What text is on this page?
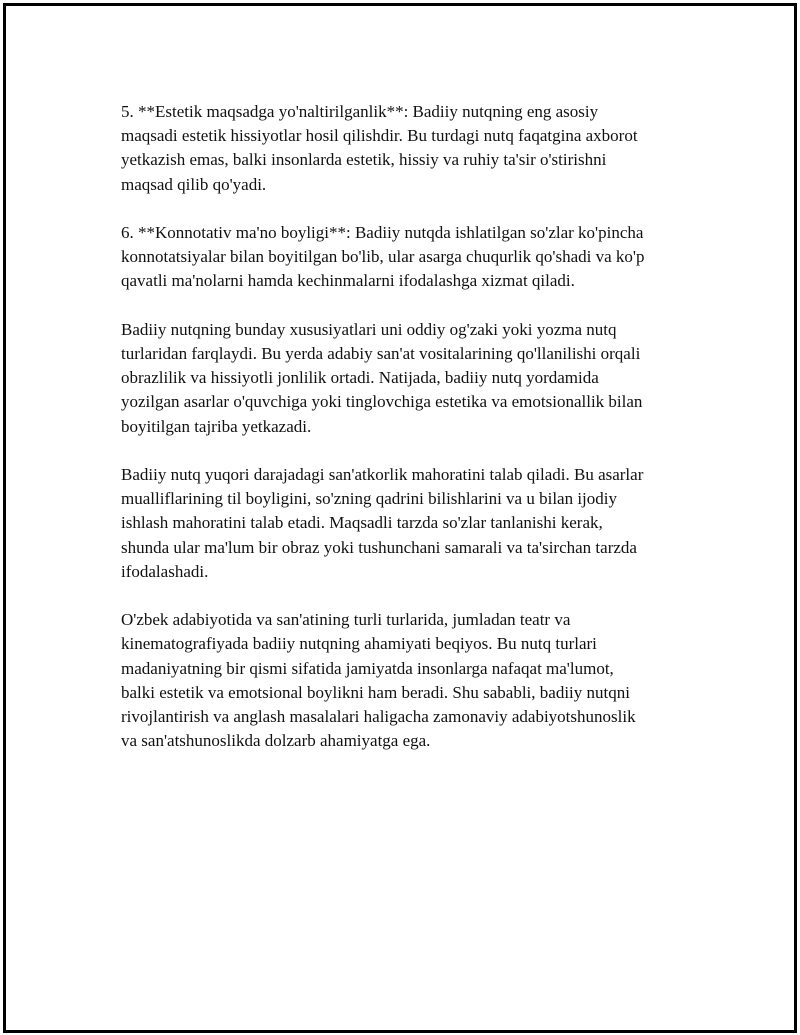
5. **Estetik maqsadga yo'naltirilganlik**: Badiiy nutqning eng asosiy
maqsadi estetik hissiyotlar hosil qilishdir. Bu turdagi nutq faqatgina axborot
yetkazish emas, balki insonlarda estetik, hissiy va ruhiy ta'sir o'stirishni
maqsad qilib qo'yadi.

6. **Konnotativ ma'no boyligi**: Badiiy nutqda ishlatilgan so'zlar ko'pincha
konnotatsiyalar bilan boyitilgan bo'lib, ular asarga chuqurlik qo'shadi va ko'p
qavatli ma'nolarni hamda kechinmalarni ifodalashga xizmat qiladi.

Badiiy nutqning bunday xususiyatlari uni oddiy og'zaki yoki yozma nutq
turlaridan farqlaydi. Bu yerda adabiy san'at vositalarining qo'llanilishi orqali
obrazlilik va hissiyotli jonlilik ortadi. Natijada, badiiy nutq yordamida
yozilgan asarlar o'quvchiga yoki tinglovchiga estetika va emotsionallik bilan
boyitilgan tajriba yetkazadi.

Badiiy nutq yuqori darajadagi san'atkorlik mahoratini talab qiladi. Bu asarlar
mualliflarining til boyligini, so'zning qadrini bilishlarini va u bilan ijodiy
ishlash mahoratini talab etadi. Maqsadli tarzda so'zlar tanlanishi kerak,
shunda ular ma'lum bir obraz yoki tushunchani samarali va ta'sirchan tarzda
ifodalashadi.

O'zbek adabiyotida va san'atining turli turlarida, jumladan teatr va
kinematografiyada badiiy nutqning ahamiyati beqiyos. Bu nutq turlari
madaniyatning bir qismi sifatida jamiyatda insonlarga nafaqat ma'lumot,
balki estetik va emotsional boylikni ham beradi. Shu sababli, badiiy nutqni
rivojlantirish va anglash masalalari haligacha zamonaviy adabiyotshunoslik
va san'atshunoslikda dolzarb ahamiyatga ega.
